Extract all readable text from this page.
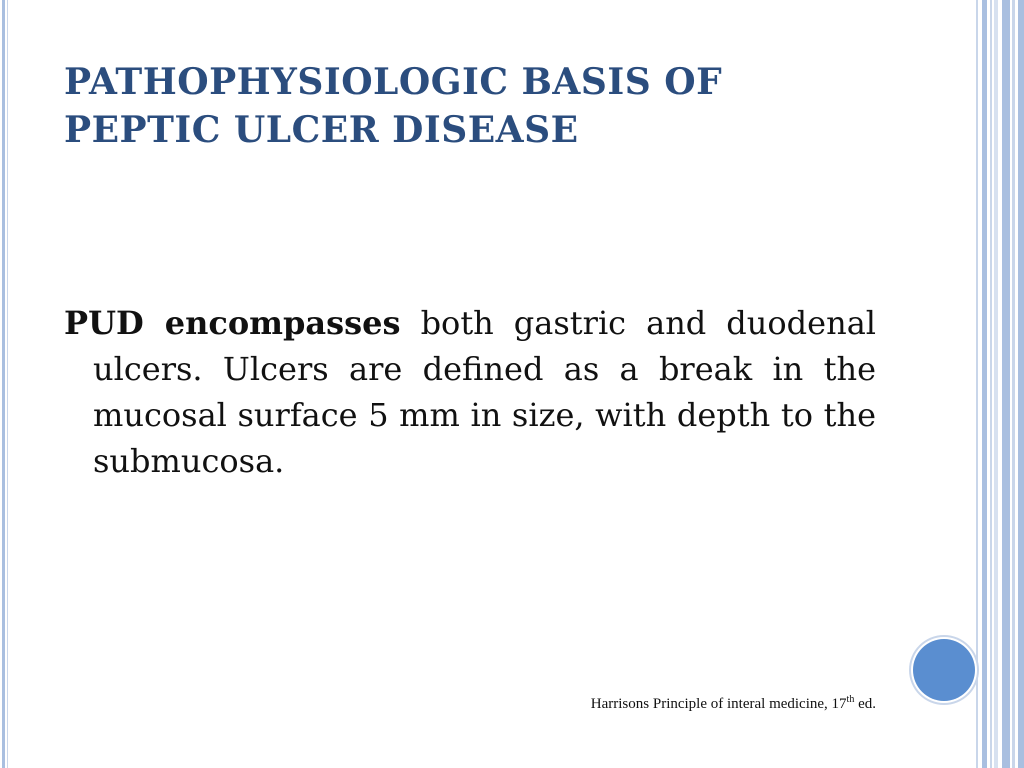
PATHOPHYSIOLOGIC BASIS OF
PEPTIC ULCER DISEASE

PUD encompasses both gastric and duodenal ulcers. Ulcers are defined as a break in the mucosal surface 5 mm in size, with depth to the submucosa.

Harrisons Principle of interal medicine, 17th ed.
